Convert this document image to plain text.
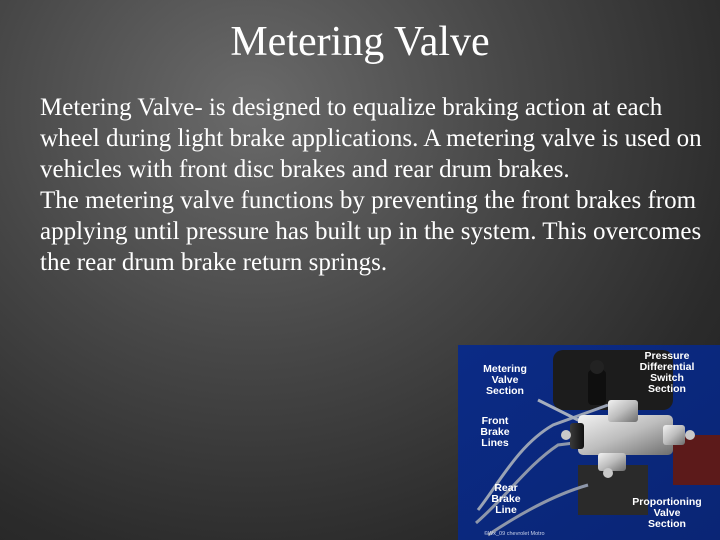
Metering Valve

Metering Valve- is designed to equalize braking action at each wheel during light brake applications. A metering valve is used on vehicles with front disc brakes and rear drum brakes.

The metering valve functions by preventing the front brakes from applying until pressure has built up in the system. This overcomes the rear drum brake return springs.

Metering
Valve
Section
Pressure
Differential
Switch
Section
Front
Brake
Lines
Rear
Brake
Line
Proportioning
Valve
Section
©Wx_09 chevrolet Motro
